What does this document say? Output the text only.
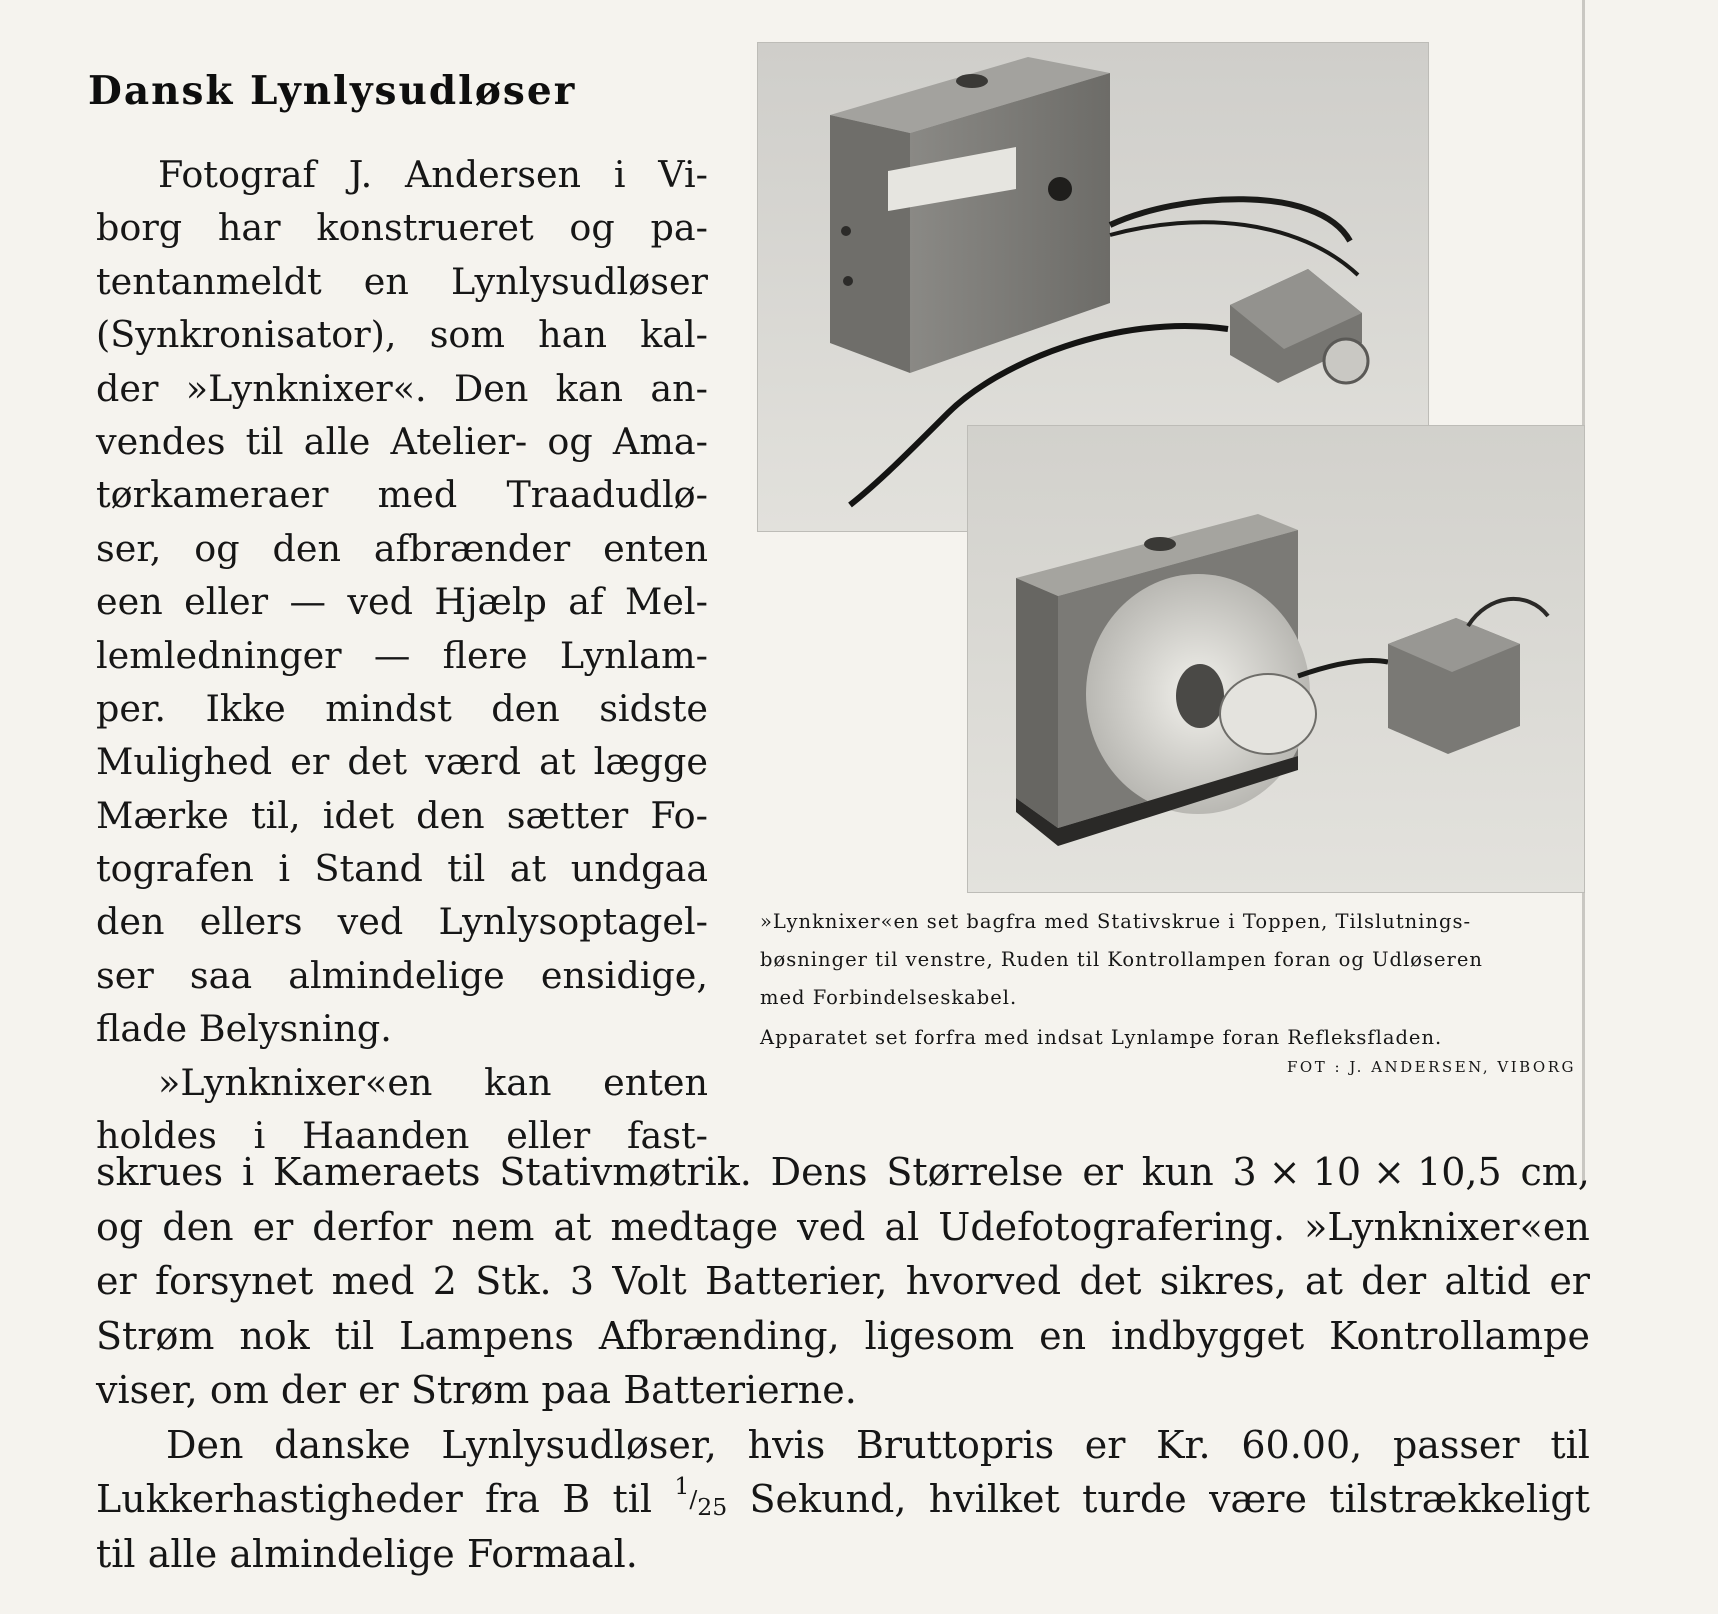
Dansk Lynlysudløser
Fotograf J. Andersen i Vi-
borg har konstrueret og pa-
tentanmeldt en Lynlysudløser
(Synkronisator), som han kal-
der »Lynknixer«. Den kan an-
vendes til alle Atelier- og Ama-
tørkameraer med Traadudlø-
ser, og den afbrænder enten
een eller — ved Hjælp af Mel-
lemledninger — flere Lynlam-
per. Ikke mindst den sidste
Mulighed er det værd at lægge
Mærke til, idet den sætter Fo-
tografen i Stand til at undgaa
den ellers ved Lynlysoptagel-
ser saa almindelige ensidige,
flade Belysning.
»Lynknixer«en kan enten
holdes i Haanden eller fast-
»Lynknixer«en set bagfra med Stativskrue i Toppen, Tilslutnings-
bøsninger til venstre, Ruden til Kontrollampen foran og Udløseren
med Forbindelseskabel.

Apparatet set forfra med indsat Lynlampe foran Refleksfladen.

FOT : J. ANDERSEN, VIBORG

skrues i Kameraets Stativmøtrik. Dens Størrelse er kun 3 × 10 × 10,5 cm,
og den er derfor nem at medtage ved al Udefotografering. »Lynknixer«en
er forsynet med 2 Stk. 3 Volt Batterier, hvorved det sikres, at der altid er
Strøm nok til Lampens Afbrænding, ligesom en indbygget Kontrollampe
viser, om der er Strøm paa Batterierne.
Den danske Lynlysudløser, hvis Bruttopris er Kr. 60.00, passer til
Lukkerhastigheder fra B til 1/25 Sekund, hvilket turde være tilstrækkeligt
til alle almindelige Formaal.
